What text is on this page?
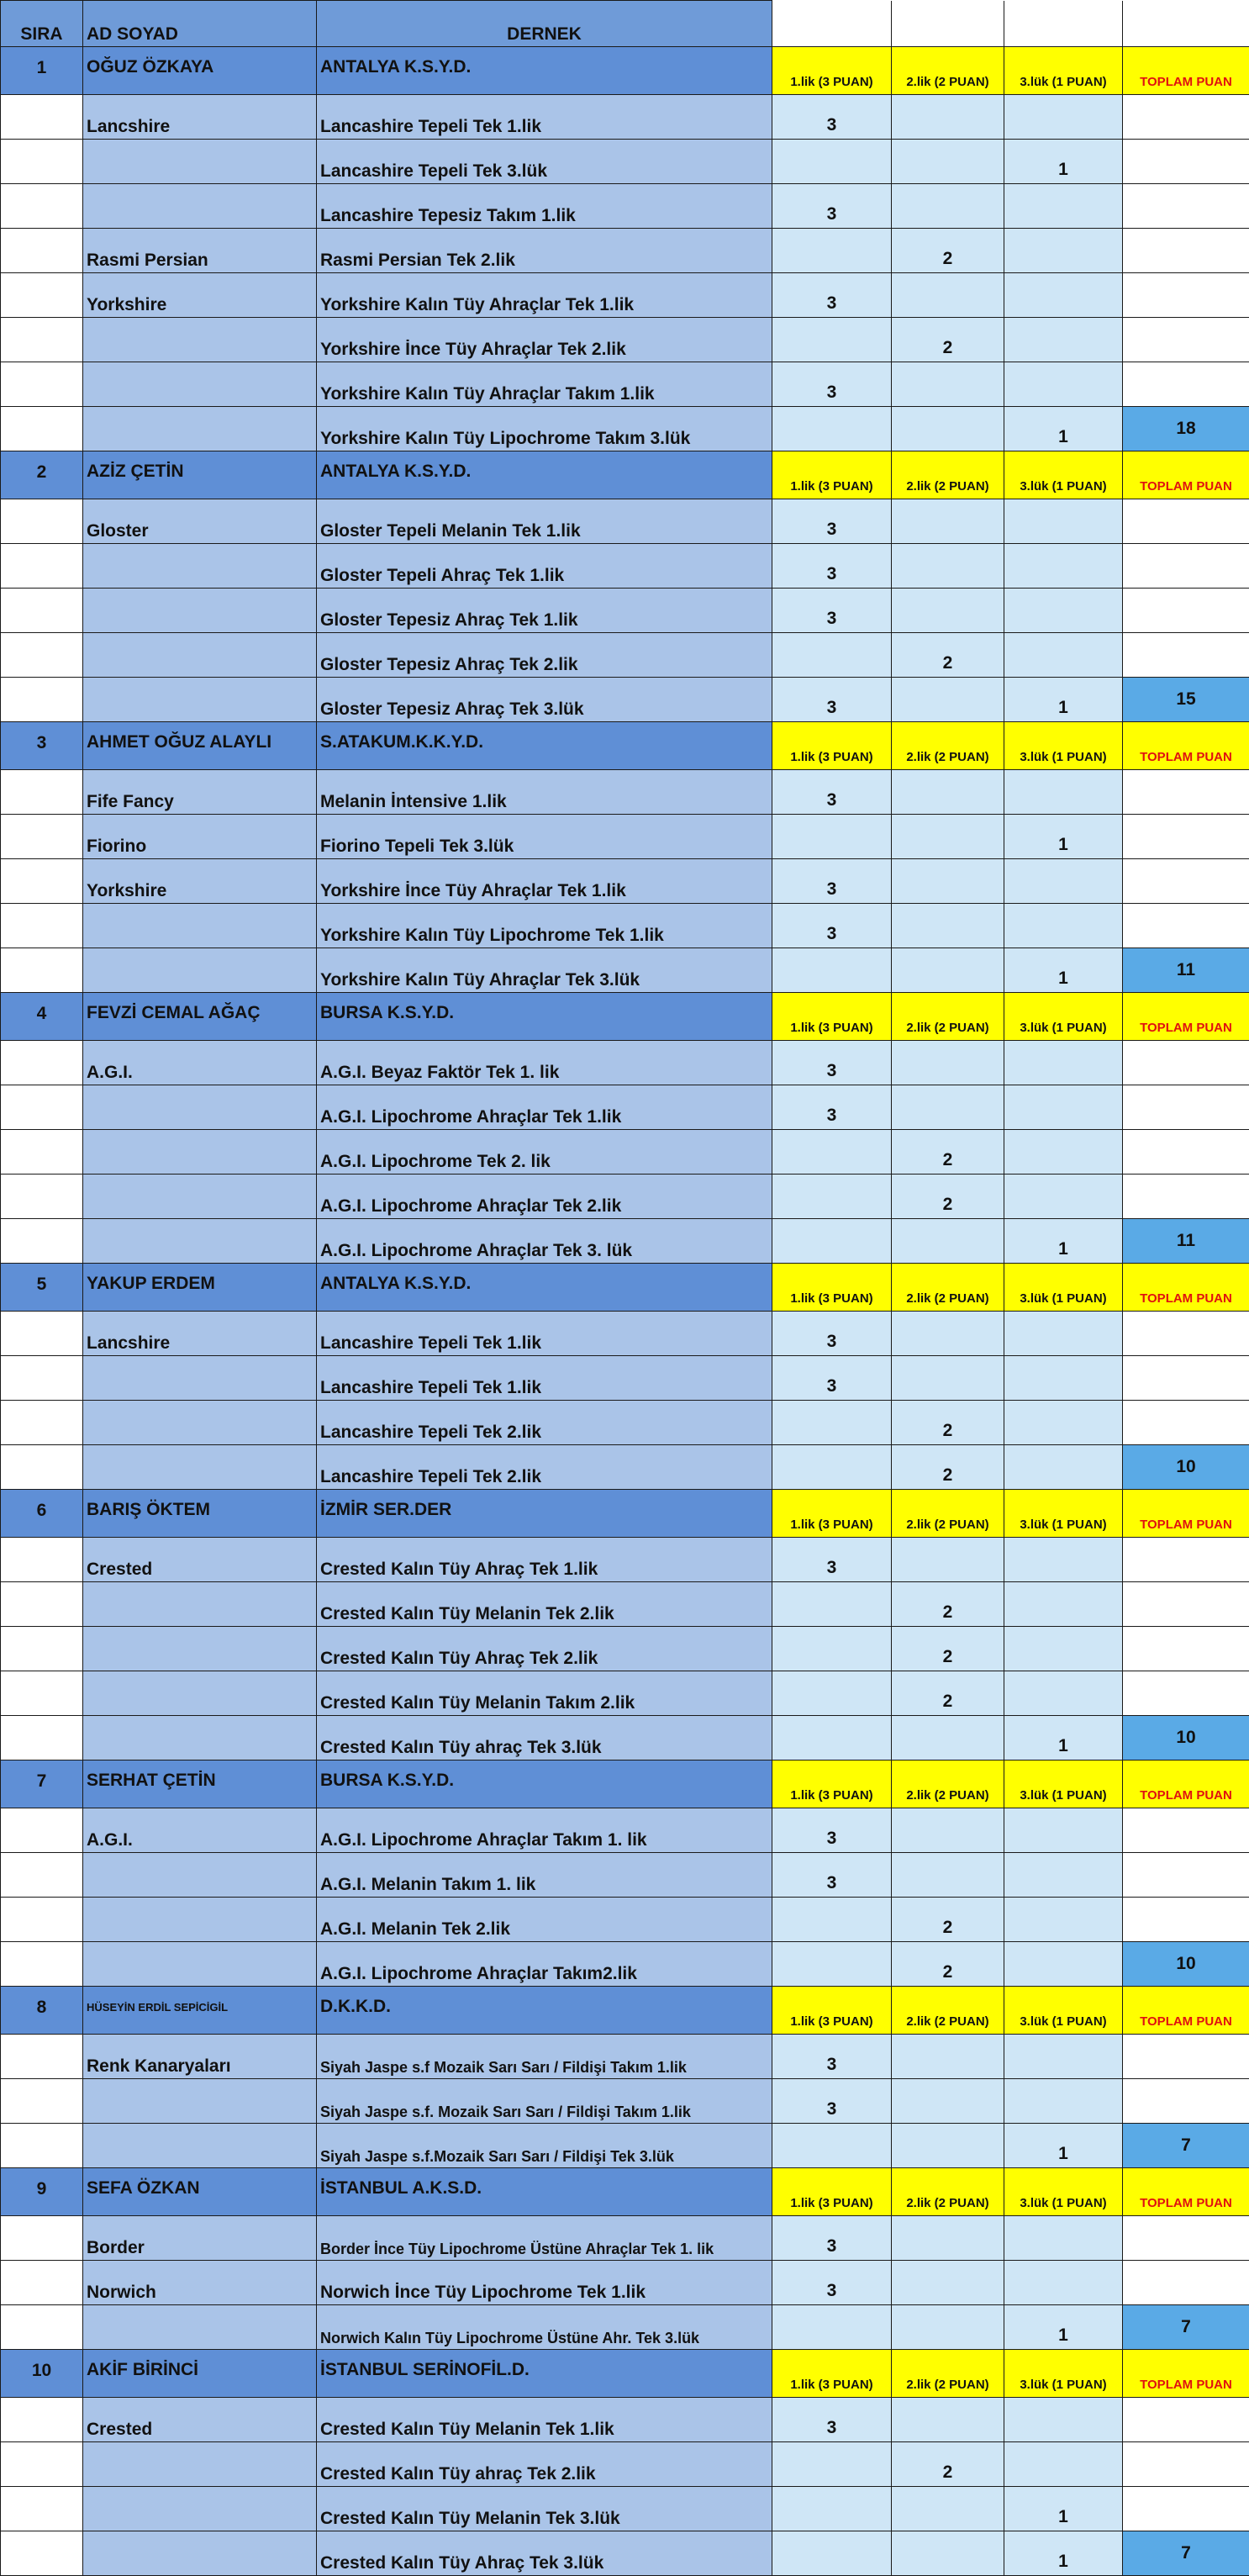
SIRA	AD SOYAD	DERNEK				
1	OĞUZ ÖZKAYA	ANTALYA K.S.Y.D.	1.lik (3 PUAN)	2.lik (2 PUAN)	3.lük (1 PUAN)	TOPLAM PUAN
	Lancshire	Lancashire Tepeli Tek 1.lik	3			
		Lancashire Tepeli Tek 3.lük			1	
		Lancashire Tepesiz Takım 1.lik	3			
	Rasmi Persian	Rasmi Persian Tek 2.lik		2		
	Yorkshire	Yorkshire Kalın Tüy Ahraçlar Tek 1.lik	3			
		Yorkshire İnce Tüy Ahraçlar Tek 2.lik		2		
		Yorkshire Kalın Tüy Ahraçlar Takım 1.lik	3			
		Yorkshire Kalın Tüy Lipochrome Takım 3.lük			1	18
2	AZİZ ÇETİN	ANTALYA K.S.Y.D.	1.lik (3 PUAN)	2.lik (2 PUAN)	3.lük (1 PUAN)	TOPLAM PUAN
	Gloster	Gloster Tepeli Melanin Tek 1.lik	3			
		Gloster Tepeli Ahraç Tek 1.lik	3			
		Gloster Tepesiz Ahraç Tek 1.lik	3			
		Gloster Tepesiz Ahraç Tek 2.lik		2		
		Gloster Tepesiz Ahraç Tek 3.lük	3		1	15
3	AHMET OĞUZ ALAYLI	S.ATAKUM.K.K.Y.D.	1.lik (3 PUAN)	2.lik (2 PUAN)	3.lük (1 PUAN)	TOPLAM PUAN
	Fife Fancy	Melanin İntensive 1.lik	3			
	Fiorino	Fiorino Tepeli Tek 3.lük			1	
	Yorkshire	Yorkshire İnce Tüy Ahraçlar Tek 1.lik	3			
		Yorkshire Kalın Tüy Lipochrome Tek 1.lik	3			
		Yorkshire Kalın Tüy Ahraçlar Tek 3.lük			1	11
4	FEVZİ CEMAL AĞAÇ	BURSA K.S.Y.D.	1.lik (3 PUAN)	2.lik (2 PUAN)	3.lük (1 PUAN)	TOPLAM PUAN
	A.G.I.	A.G.I. Beyaz Faktör Tek 1. lik	3			
		A.G.I. Lipochrome Ahraçlar Tek 1.lik	3			
		A.G.I. Lipochrome Tek 2. lik		2		
		A.G.I. Lipochrome Ahraçlar Tek 2.lik		2		
		A.G.I. Lipochrome Ahraçlar Tek 3. lük			1	11
5	YAKUP ERDEM	ANTALYA K.S.Y.D.	1.lik (3 PUAN)	2.lik (2 PUAN)	3.lük (1 PUAN)	TOPLAM PUAN
	Lancshire	Lancashire Tepeli Tek 1.lik	3			
		Lancashire Tepeli Tek 1.lik	3			
		Lancashire Tepeli Tek 2.lik		2		
		Lancashire Tepeli Tek 2.lik		2		10
6	BARIŞ ÖKTEM	İZMİR SER.DER	1.lik (3 PUAN)	2.lik (2 PUAN)	3.lük (1 PUAN)	TOPLAM PUAN
	Crested	Crested Kalın Tüy Ahraç Tek 1.lik	3			
		Crested Kalın Tüy Melanin Tek 2.lik		2		
		Crested Kalın Tüy Ahraç Tek 2.lik		2		
		Crested Kalın Tüy Melanin Takım 2.lik		2		
		Crested Kalın Tüy ahraç Tek 3.lük			1	10
7	SERHAT ÇETİN	BURSA K.S.Y.D.	1.lik (3 PUAN)	2.lik (2 PUAN)	3.lük (1 PUAN)	TOPLAM PUAN
	A.G.I.	A.G.I. Lipochrome Ahraçlar Takım 1. lik	3			
		A.G.I. Melanin Takım 1. lik	3			
		A.G.I. Melanin Tek 2.lik		2		
		A.G.I. Lipochrome Ahraçlar Takım2.lik		2		10
8	HÜSEYİN ERDİL SEPİCİGİL	D.K.K.D.	1.lik (3 PUAN)	2.lik (2 PUAN)	3.lük (1 PUAN)	TOPLAM PUAN
	Renk Kanaryaları	Siyah Jaspe s.f Mozaik Sarı Sarı / Fildişi Takım 1.lik	3			
		Siyah Jaspe s.f. Mozaik Sarı Sarı / Fildişi Takım 1.lik	3			
		Siyah Jaspe s.f.Mozaik Sarı Sarı / Fildişi Tek 3.lük			1	7
9	SEFA ÖZKAN	İSTANBUL A.K.S.D.	1.lik (3 PUAN)	2.lik (2 PUAN)	3.lük (1 PUAN)	TOPLAM PUAN
	Border	Border İnce Tüy Lipochrome Üstüne Ahraçlar Tek 1. lik	3			
	Norwich	Norwich İnce Tüy Lipochrome Tek 1.lik	3			
		Norwich Kalın Tüy Lipochrome Üstüne Ahr. Tek 3.lük			1	7
10	AKİF BİRİNCİ	İSTANBUL SERİNOFİL.D.	1.lik (3 PUAN)	2.lik (2 PUAN)	3.lük (1 PUAN)	TOPLAM PUAN
	Crested	Crested Kalın Tüy Melanin Tek 1.lik	3			
		Crested Kalın Tüy ahraç Tek 2.lik		2		
		Crested Kalın Tüy Melanin Tek 3.lük			1	
		Crested Kalın Tüy Ahraç Tek 3.lük			1	7
